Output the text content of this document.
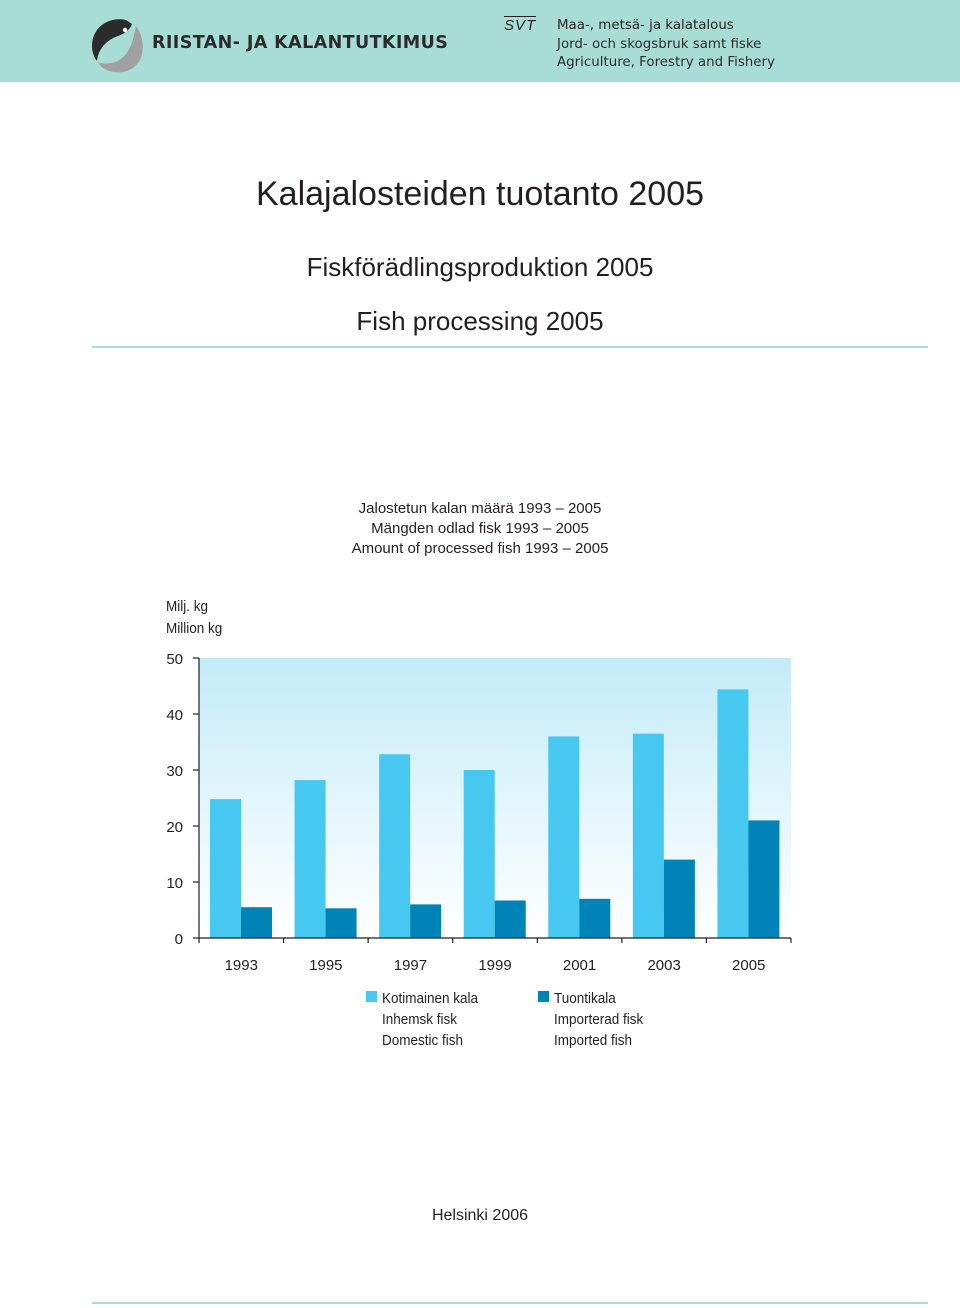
RIISTAN- JA KALANTUTKIMUS
SVT Maa-, metsä- ja kalatalous
Jord- och skogsbruk samt fiske
Agriculture, Forestry and Fishery
Kalajalosteiden tuotanto 2005
Fiskförädlingsproduktion 2005
Fish processing 2005
Jalostetun kalan määrä 1993 – 2005
Mängden odlad fisk 1993 – 2005
Amount of processed fish 1993 – 2005
Milj. kg
Million kg
0
10
20
30
40
50
1993	1995	1997	1999	2001	2003	2005
Kotimainen kala
Inhemsk fisk
Domestic fish
Tuontikala
Importerad fisk
Imported fish
Helsinki 2006
